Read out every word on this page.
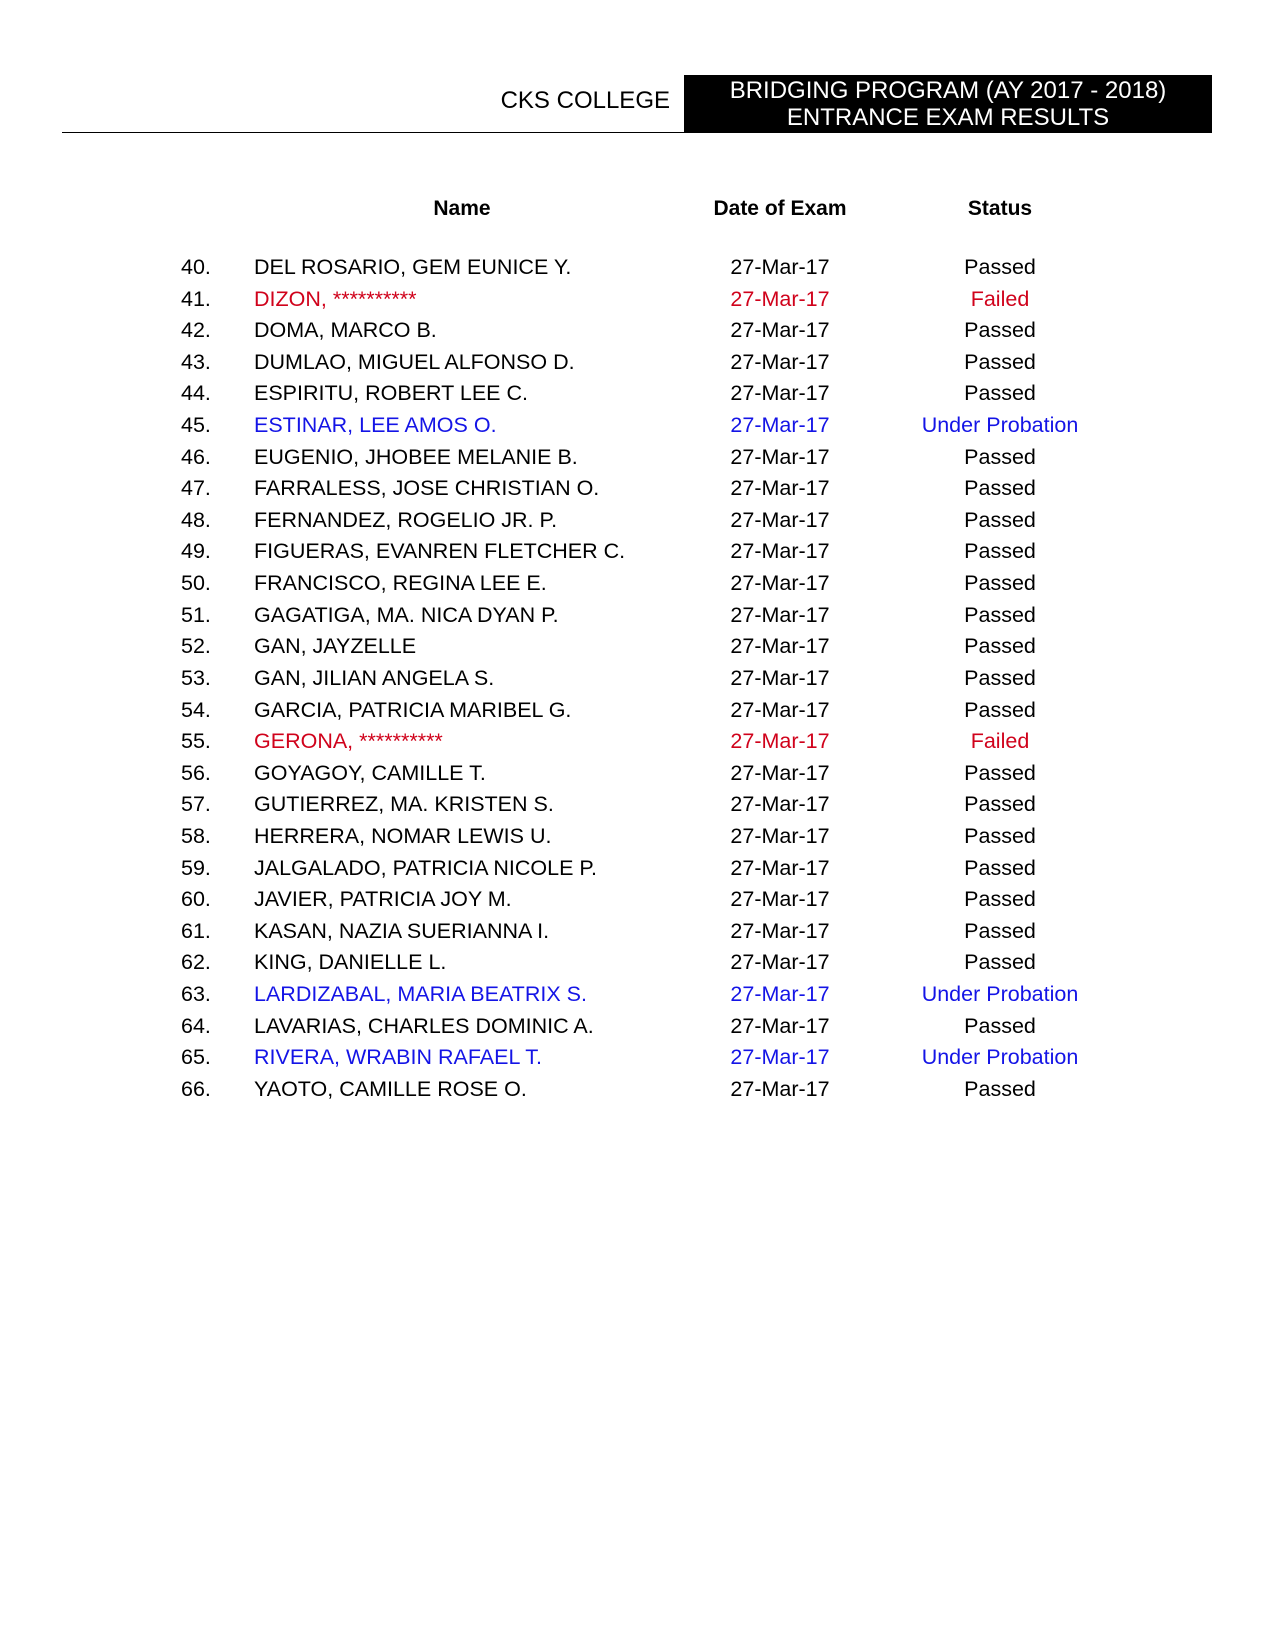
CKS COLLEGE	BRIDGING PROGRAM (AY 2017 - 2018)
ENTRANCE EXAM RESULTS
Name	Date of Exam	Status
40. DEL ROSARIO, GEM EUNICE Y.	27-Mar-17	Passed
41. DIZON, **********	27-Mar-17	Failed
42. DOMA, MARCO B.	27-Mar-17	Passed
43. DUMLAO, MIGUEL ALFONSO D.	27-Mar-17	Passed
44. ESPIRITU, ROBERT LEE C.	27-Mar-17	Passed
45. ESTINAR, LEE AMOS O.	27-Mar-17	Under Probation
46. EUGENIO, JHOBEE MELANIE B.	27-Mar-17	Passed
47. FARRALESS, JOSE CHRISTIAN O.	27-Mar-17	Passed
48. FERNANDEZ, ROGELIO JR. P.	27-Mar-17	Passed
49. FIGUERAS, EVANREN FLETCHER C.	27-Mar-17	Passed
50. FRANCISCO, REGINA LEE E.	27-Mar-17	Passed
51. GAGATIGA, MA. NICA DYAN P.	27-Mar-17	Passed
52. GAN, JAYZELLE	27-Mar-17	Passed
53. GAN, JILIAN ANGELA S.	27-Mar-17	Passed
54. GARCIA, PATRICIA MARIBEL G.	27-Mar-17	Passed
55. GERONA, **********	27-Mar-17	Failed
56. GOYAGOY, CAMILLE T.	27-Mar-17	Passed
57. GUTIERREZ, MA. KRISTEN S.	27-Mar-17	Passed
58. HERRERA, NOMAR LEWIS U.	27-Mar-17	Passed
59. JALGALADO, PATRICIA NICOLE P.	27-Mar-17	Passed
60. JAVIER, PATRICIA JOY M.	27-Mar-17	Passed
61. KASAN, NAZIA SUERIANNA I.	27-Mar-17	Passed
62. KING, DANIELLE L.	27-Mar-17	Passed
63. LARDIZABAL, MARIA BEATRIX S.	27-Mar-17	Under Probation
64. LAVARIAS, CHARLES DOMINIC A.	27-Mar-17	Passed
65. RIVERA, WRABIN RAFAEL T.	27-Mar-17	Under Probation
66. YAOTO, CAMILLE ROSE O.	27-Mar-17	Passed
